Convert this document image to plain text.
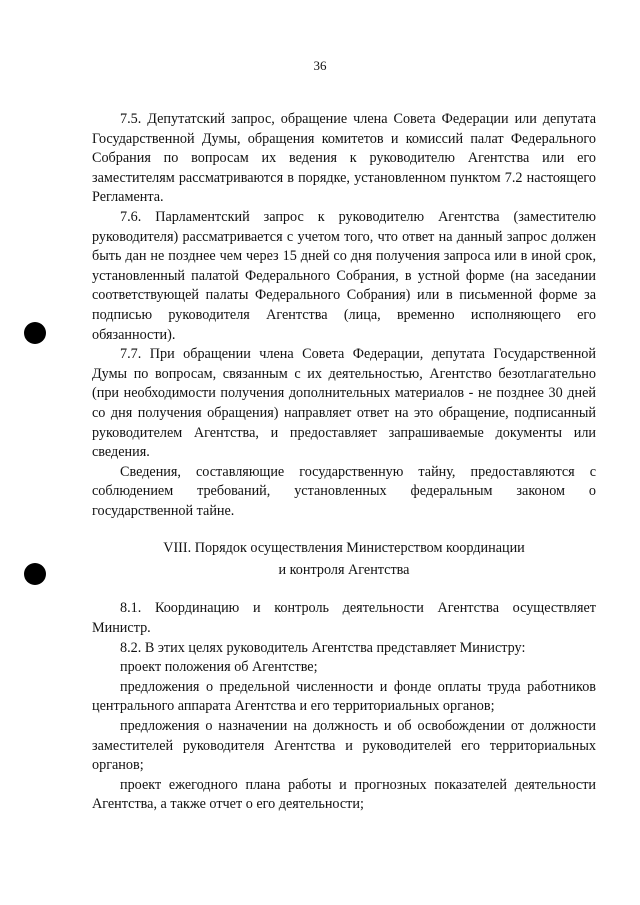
36

7.5. Депутатский запрос, обращение члена Совета Федерации или депутата Государственной Думы, обращения комитетов и комиссий палат Федерального Собрания по вопросам их ведения к руководителю Агентства или его заместителям рассматриваются в порядке, установленном пунктом 7.2 настоящего Регламента.

7.6. Парламентский запрос к руководителю Агентства (заместителю руководителя) рассматривается с учетом того, что ответ на данный запрос должен быть дан не позднее чем через 15 дней со дня получения запроса или в иной срок, установленный палатой Федерального Собрания, в устной форме (на заседании соответствующей палаты Федерального Собрания) или в письменной форме за подписью руководителя Агентства (лица, временно исполняющего его обязанности).

7.7. При обращении члена Совета Федерации, депутата Государственной Думы по вопросам, связанным с их деятельностью, Агентство безотлагательно (при необходимости получения дополнительных материалов - не позднее 30 дней со дня получения обращения) направляет ответ на это обращение, подписанный руководителем Агентства, и предоставляет запрашиваемые документы или сведения.

Сведения, составляющие государственную тайну, предоставляются с соблюдением требований, установленных федеральным законом о государственной тайне.

VIII. Порядок осуществления Министерством координации
и контроля Агентства

8.1. Координацию и контроль деятельности Агентства осуществляет Министр.

8.2. В этих целях руководитель Агентства представляет Министру:

проект положения об Агентстве;

предложения о предельной численности и фонде оплаты труда работников центрального аппарата Агентства и его территориальных органов;

предложения о назначении на должность и об освобождении от должности заместителей руководителя Агентства и руководителей его территориальных органов;

проект ежегодного плана работы и прогнозных показателей деятельности Агентства, а также отчет о его деятельности;
